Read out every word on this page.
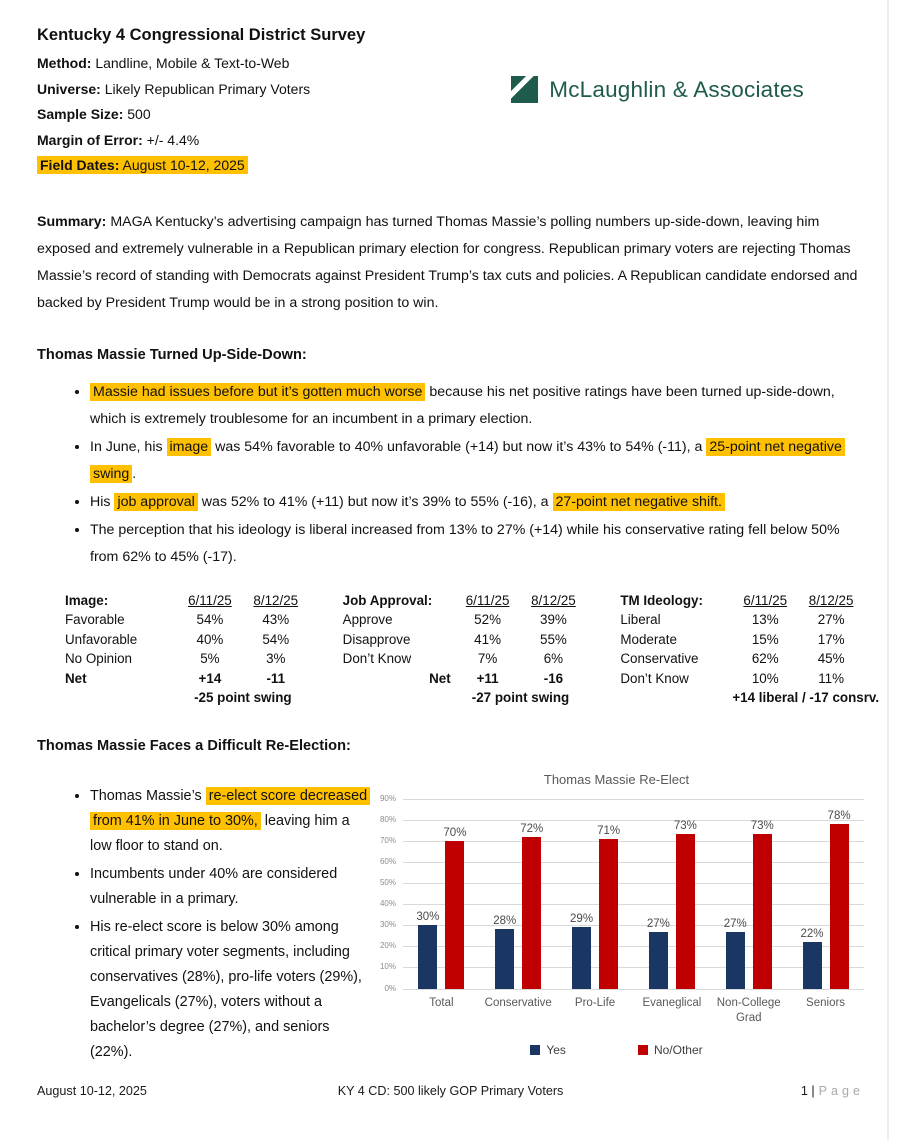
Kentucky 4 Congressional District Survey
Method: Landline, Mobile & Text-to-Web
Universe: Likely Republican Primary Voters
Sample Size: 500
Margin of Error: +/- 4.4%
Field Dates: August 10-12, 2025
McLaughlin & Associates

Summary: MAGA Kentucky’s advertising campaign has turned Thomas Massie’s polling numbers up-side-down, leaving him exposed and extremely vulnerable in a Republican primary election for congress. Republican primary voters are rejecting Thomas Massie’s record of standing with Democrats against President Trump’s tax cuts and policies. A Republican candidate endorsed and backed by President Trump would be in a strong position to win.

Thomas Massie Turned Up-Side-Down:
• Massie had issues before but it’s gotten much worse because his net positive ratings have been turned up-side-down, which is extremely troublesome for an incumbent in a primary election.
• In June, his image was 54% favorable to 40% unfavorable (+14) but now it’s 43% to 54% (-11), a 25-point net negative swing .
• His job approval was 52% to 41% (+11) but now it’s 39% to 55% (-16), a 27-point net negative shift.
• The perception that his ideology is liberal increased from 13% to 27% (+14) while his conservative rating fell below 50% from 62% to 45% (-17).
Image:	6/11/25	8/12/25
Favorable	54%	43%
Unfavorable	40%	54%
No Opinion	5%	3%
Net	+14	-11
	-25 point swing	
Job Approval:	6/11/25	8/12/25
Approve	52%	39%
Disapprove	41%	55%
Don’t Know	7%	6%
Net	+11	-16
	-27 point swing	
TM Ideology:	6/11/25	8/12/25
Liberal	13%	27%
Moderate	15%	17%
Conservative	62%	45%
Don’t Know	10%	11%
	+14 liberal / -17 consrv.	
Thomas Massie Faces a Difficult Re-Election:
• Thomas Massie’s re-elect score decreased from 41% in June to 30%, leaving him a low floor to stand on.
• Incumbents under 40% are considered vulnerable in a primary.
• His re-elect score is below 30% among critical primary voter segments, including conservatives (28%), pro-life voters (29%), Evangelicals (27%), voters without a bachelor’s degree (27%), and seniors (22%).
Thomas Massie Re-Elect
0%
10%
20%
30%
40%
50%
60%
70%
80%
90%
30%
70%
28%
72%
29%
71%
27%
73%
27%
73%
22%
78%
Total	Conservative	Pro-Life	Evaneglical	Non-College Grad
Seniors
Yes	No/Other
August 10-12, 2025	KY 4 CD: 500 likely GOP Primary Voters	1 | Page
